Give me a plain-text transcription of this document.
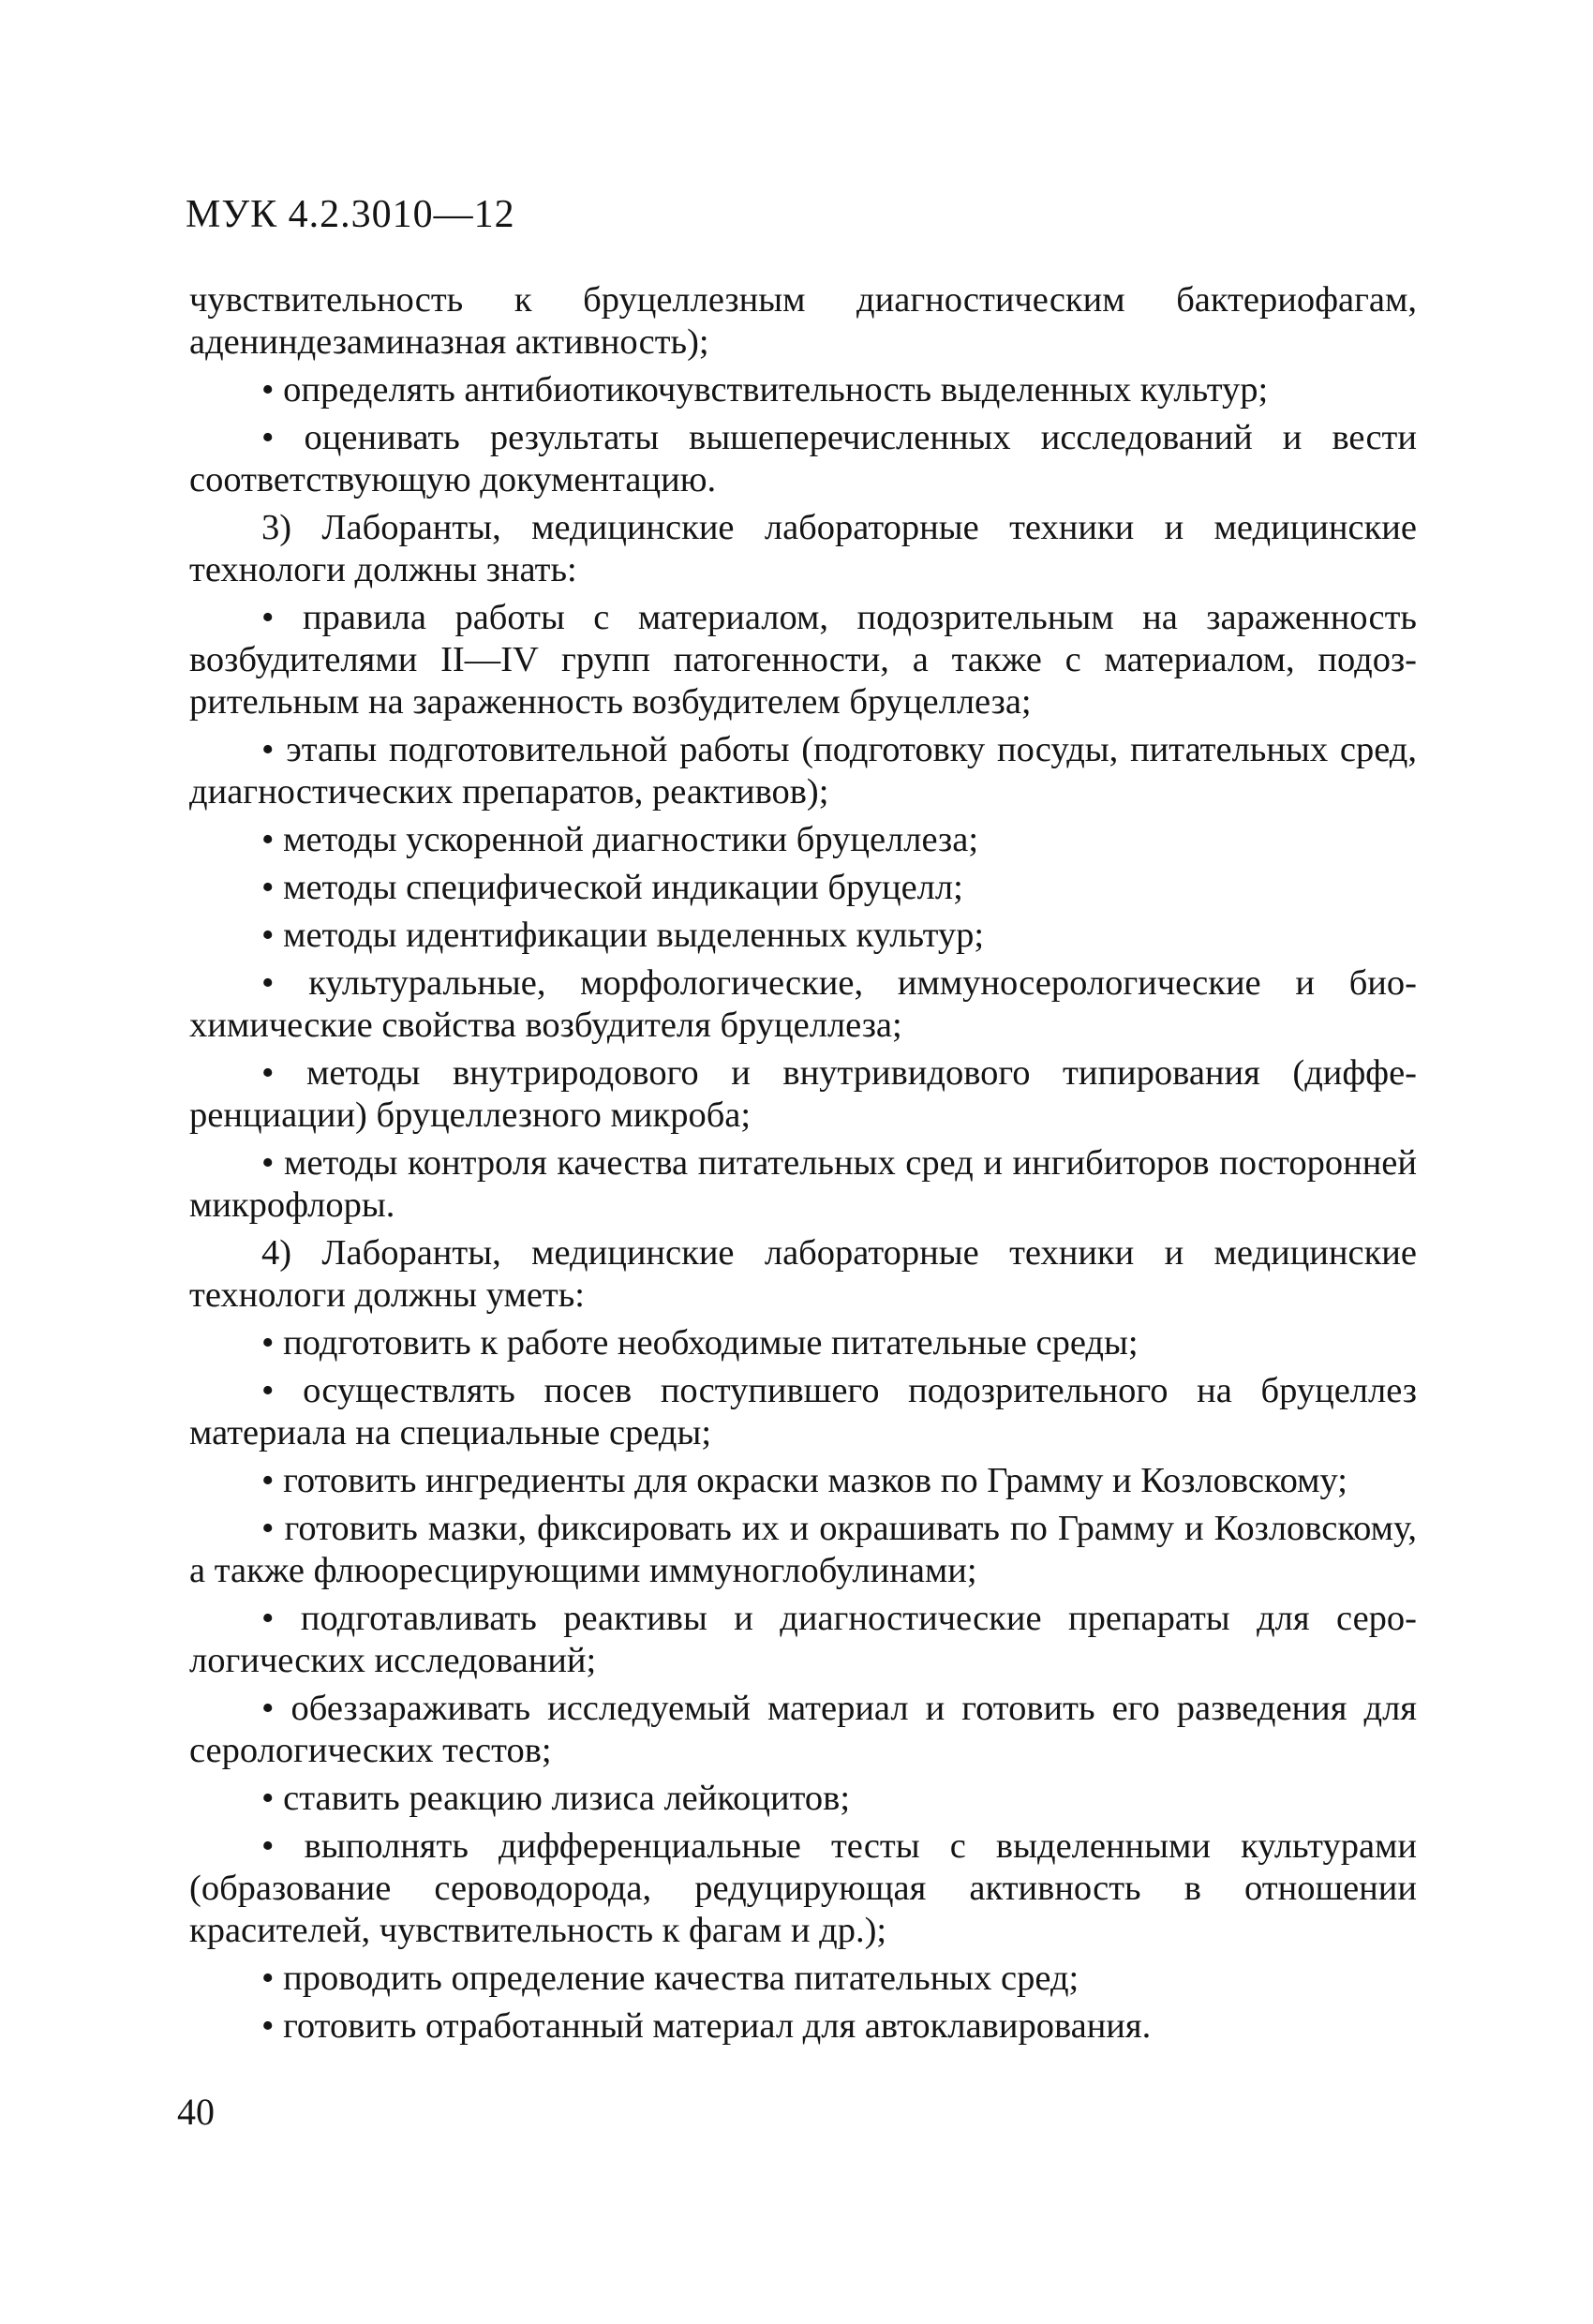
МУК 4.2.3010—12

чувствительность к бруцеллезным диагностическим бактериофагам, адениндезаминазная активность);

• определять антибиотикочувствительность выделенных культур;

• оценивать результаты вышеперечисленных исследований и вести соответствующую документацию.

3) Лаборанты, медицинские лабораторные техники и медицинские технологи должны знать:

• правила работы с материалом, подозрительным на зараженность возбудителями II—IV групп патогенности, а также с материалом, подозрительным на зараженность возбудителем бруцеллеза;

• этапы подготовительной работы (подготовку посуды, питательных сред, диагностических препаратов, реактивов);

• методы ускоренной диагностики бруцеллеза;

• методы специфической индикации бруцелл;

• методы идентификации выделенных культур;

• культуральные, морфологические, иммуносерологические и биохимические свойства возбудителя бруцеллеза;

• методы внутриродового и внутривидового типирования (дифференциации) бруцеллезного микроба;

• методы контроля качества питательных сред и ингибиторов посторонней микрофлоры.

4) Лаборанты, медицинские лабораторные техники и медицинские технологи должны уметь:

• подготовить к работе необходимые питательные среды;

• осуществлять посев поступившего подозрительного на бруцеллез материала на специальные среды;

• готовить ингредиенты для окраски мазков по Грамму и Козловскому;

• готовить мазки, фиксировать их и окрашивать по Грамму и Козловскому, а также флюоресцирующими иммуноглобулинами;

• подготавливать реактивы и диагностические препараты для серологических исследований;

• обеззараживать исследуемый материал и готовить его разведения для серологических тестов;

• ставить реакцию лизиса лейкоцитов;

• выполнять дифференциальные тесты с выделенными культурами (образование сероводорода, редуцирующая активность в отношении красителей, чувствительность к фагам и др.);

• проводить определение качества питательных сред;

• готовить отработанный материал для автоклавирования.

40
